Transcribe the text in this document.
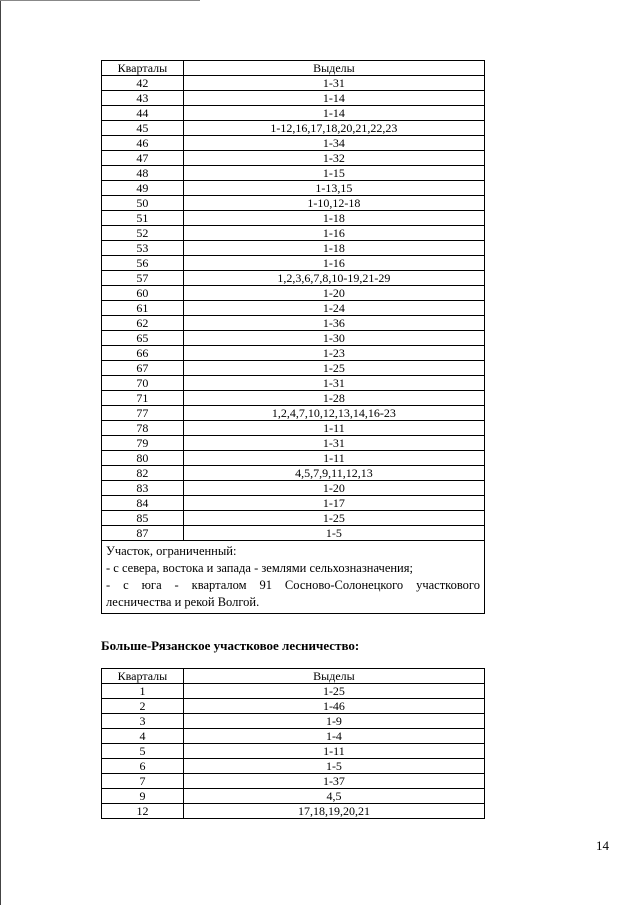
Кварталы	Выделы
42	1-31
43	1-14
44	1-14
45	1-12,16,17,18,20,21,22,23
46	1-34
47	1-32
48	1-15
49	1-13,15
50	1-10,12-18
51	1-18
52	1-16
53	1-18
56	1-16
57	1,2,3,6,7,8,10-19,21-29
60	1-20
61	1-24
62	1-36
65	1-30
66	1-23
67	1-25
70	1-31
71	1-28
77	1,2,4,7,10,12,13,14,16-23
78	1-11
79	1-31
80	1-11
82	4,5,7,9,11,12,13
83	1-20
84	1-17
85	1-25
87	1-5

Участок, ограниченный:
- с севера, востока и запада - землями сельхозназначения;
- с юга - кварталом 91 Сосново-Солонецкого участкового
лесничества и рекой Волгой.	
Больше-Рязанское участковое лесничество:
Кварталы	Выделы
1	1-25
2	1-46
3	1-9
4	1-4
5	1-11
6	1-5
7	1-37
9	4,5
12	17,18,19,20,21
14
